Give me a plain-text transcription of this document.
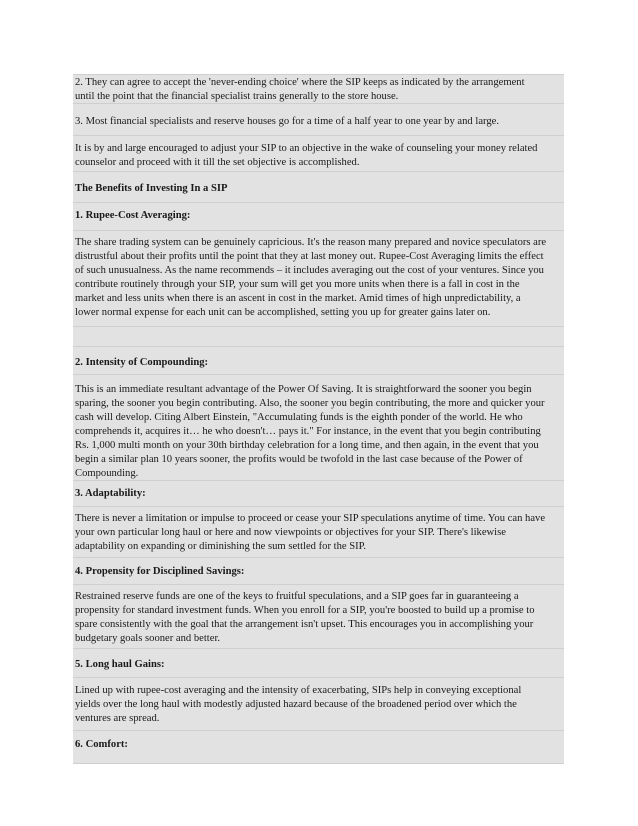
2. They can agree to accept the 'never-ending choice' where the SIP keeps as indicated by the arrangement
until the point that the financial specialist trains generally to the store house.
3. Most financial specialists and reserve houses go for a time of a half year to one year by and large.
It is by and large encouraged to adjust your SIP to an objective in the wake of counseling your money related
counselor and proceed with it till the set objective is accomplished.
The Benefits of Investing In a SIP
1. Rupee-Cost Averaging:
The share trading system can be genuinely capricious. It's the reason many prepared and novice speculators are
distrustful about their profits until the point that they at last money out. Rupee-Cost Averaging limits the effect
of such unusualness. As the name recommends – it includes averaging out the cost of your ventures. Since you
contribute routinely through your SIP, your sum will get you more units when there is a fall in cost in the
market and less units when there is an ascent in cost in the market. Amid times of high unpredictability, a
lower normal expense for each unit can be accomplished, setting you up for greater gains later on.
2. Intensity of Compounding:
This is an immediate resultant advantage of the Power Of Saving. It is straightforward the sooner you begin
sparing, the sooner you begin contributing. Also, the sooner you begin contributing, the more and quicker your
cash will develop. Citing Albert Einstein, "Accumulating funds is the eighth ponder of the world. He who
comprehends it, acquires it… he who doesn't… pays it." For instance, in the event that you begin contributing
Rs. 1,000 multi month on your 30th birthday celebration for a long time, and then again, in the event that you
begin a similar plan 10 years sooner, the profits would be twofold in the last case because of the Power of
Compounding.
3. Adaptability:
There is never a limitation or impulse to proceed or cease your SIP speculations anytime of time. You can have
your own particular long haul or here and now viewpoints or objectives for your SIP. There's likewise
adaptability on expanding or diminishing the sum settled for the SIP.
4. Propensity for Disciplined Savings:
Restrained reserve funds are one of the keys to fruitful speculations, and a SIP goes far in guaranteeing a
propensity for standard investment funds. When you enroll for a SIP, you're boosted to build up a promise to
spare consistently with the goal that the arrangement isn't upset. This encourages you in accomplishing your
budgetary goals sooner and better.
5. Long haul Gains:
Lined up with rupee-cost averaging and the intensity of exacerbating, SIPs help in conveying exceptional
yields over the long haul with modestly adjusted hazard because of the broadened period over which the
ventures are spread.
6. Comfort:
